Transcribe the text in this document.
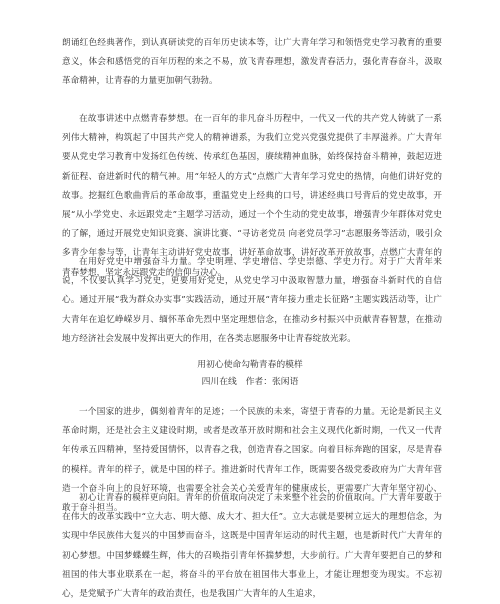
朗诵红色经典著作，到认真研读党的百年历史读本等，让广大青年学习和领悟党史学习教育的重要意义，体会和感悟党的百年历程的来之不易，放飞青春理想，激发青春活力，强化青春奋斗，汲取革命精神，让青春的力量更加朝气勃勃。

在故事讲述中点燃青春梦想。在一百年的非凡奋斗历程中，一代又一代的共产党人铸就了一系列伟大精神，构筑起了中国共产党人的精神谱系，为我们立党兴党强党提供了丰厚滋养。广大青年要从党史学习教育中发扬红色传统、传承红色基因，赓续精神血脉，始终保持奋斗精神，鼓起迈进新征程、奋进新时代的精气神。用“年轻人的方式”点燃广大青年学习党史的热情，向他们讲好党的故事。挖掘红色歌曲背后的革命故事，重温党史上经典的口号，讲述经典口号背后的党史故事，开展“从小学党史、永远跟党走”主题学习活动，通过一个个生动的党史故事，增强青少年群体对党史的了解，通过开展党史知识竞赛、演讲比赛、“寻访老党员 向老党员学习”志愿服务等活动，吸引众多青少年参与等，让青年主动讲好党史故事，讲好革命故事，讲好改革开放故事，点燃广大青年的青春梦想，坚定永远跟党走的信仰与决心。

在用好党史中增强奋斗力量。学史明理、学史增信、学史崇德、学史力行。对于广大青年来说，不仅要认真学习党史，更要用好党史，从党史学习中汲取智慧力量，增强奋斗新时代的自信心。通过开展“我为群众办实事”实践活动，通过开展“青年接力重走长征路”主题实践活动等，让广大青年在追忆峥嵘岁月、缅怀革命先烈中坚定理想信念，在推动乡村振兴中贡献青春智慧，在推动地方经济社会发展中发挥出更大的作用，在各类志愿服务中让青春绽放光彩。

用初心使命勾勒青春的模样

四川在线　作者：张闲语

一个国家的进步，偶刻着青年的足迹；一个民族的未来，寄望于青春的力量。无论是新民主义革命时期，还是社会主义建设时期，或者是改革开放时期和社会主义现代化新时期，一代又一代青年传承五四精神，坚持爱国情怀，以青春之我，创造青春之国家。向着目标奔跑的国家，尽是青春的模样。青年的样子，就是中国的样子。推进新时代青年工作，既需要各级党委政府为广大青年营造一个奋斗向上的良好环境，也需要全社会关心关爱青年的健康成长，更需要广大青年坚守初心、敢于奋斗担当。

初心让青春的模样更向阳。青年的价值取向决定了未来整个社会的价值取向。广大青年要敢于在伟大的改革实践中“立大志、明大德、成大才、担大任”。立大志就是要树立远大的理想信念，为实现中华民族伟大复兴的中国梦而奋斗，这既是中国青年运动的时代主题，也是新时代广大青年的初心梦想。中国梦蝶蝶生辉，伟大的召唤指引青年怀揣梦想，大步前行。广大青年要把自己的梦和祖国的伟大事业联系在一起，将奋斗的平台放在祖国伟大事业上，才能让理想变为现实。不忘初心，是党赋予广大青年的政治责任，也是我国广大青年的人生追求，
